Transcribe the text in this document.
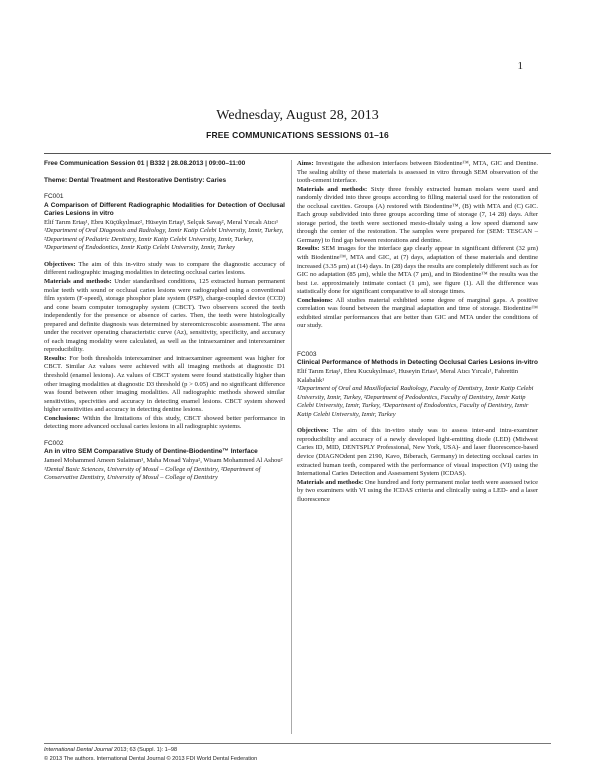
1
Wednesday, August 28, 2013
FREE COMMUNICATIONS SESSIONS 01–16

Free Communication Session 01 | B332 | 28.08.2013 | 09:00–11:00

Theme: Dental Treatment and Restorative Dentistry: Caries

FC001

A Comparison of Different Radiographic Modalities for Detection of Occlusal Caries Lesions in vitro

Elif Tarım Ertaş¹, Ebru Küçükyılmaz², Hüseyin Ertaş³, Selçuk Savaş², Meral Yırcalı Atıcı¹

¹Department of Oral Diagnosis and Radiology, Izmir Katip Celebi University, Izmir, Turkey, ²Department of Pediatric Dentistry, Izmir Katip Celebi University, Izmir, Turkey, ³Department of Endodontics, Izmir Katip Celebi University, Izmir, Turkey

Objectives: The aim of this in-vitro study was to compare the diagnostic accuracy of different radiographic imaging modalities in detecting occlusal caries lesions.

Materials and methods: Under standardised conditions, 125 extracted human permanent molar teeth with sound or occlusal caries lesions were radiographed using a conventional film system (F-speed), storage phosphor plate system (PSP), charge-coupled device (CCD) and cone beam computer tomography system (CBCT). Two observers scored the teeth independently for the presence or absence of caries. Then, the teeth were histologically prepared and definite diagnosis was determined by stereomicroscobic assessment. The area under the receiver operating characteristic curve (Az), sensitivity, specificity, and accuracy of each imaging modality were calculated, as well as the intraexaminer and interexaminer reproducibility.

Results: For both thresholds interexaminer and intraexaminer agreement was higher for CBCT. Similar Az values were achieved with all imaging methods at diagnostic D1 threshold (enamel lesions). Az values of CBCT system were found statistically higher than other imaging modalities at diagnostic D3 threshold (p > 0.05) and no significant difference was found between other imaging modalities. All radiographic methods showed similar sensitivities, specivities and accuracy in detecting enamel lesions. CBCT system showed higher sensitivities and accuracy in detecting dentine lesions.

Conclusions: Within the limitations of this study, CBCT showed better performance in detecting more advanced occlusal caries lesions in all radiographic systems.

FC002

An in vitro SEM Comparative Study of Dentine-Biodentine™ Interface

Jameel Mohammed Ameen Sulaiman¹, Maha Mosad Yahya², Wisam Mohammed Al Ashou²

¹Dental Basic Sciences, University of Mosul – College of Dentistry, ²Department of Conservative Dentistry, University of Mosul – College of Dentistry

Aims: Investigate the adhesion interfaces between Biodentine™, MTA, GIC and Dentine. The sealing ability of these materials is assessed in vitro through SEM observation of the tooth-cement interface.

Materials and methods: Sixty three freshly extracted human molars were used and randomly divided into three groups according to filling material used for the restoration of the occlusal cavities. Groups (A) restored with Biodentine™, (B) with MTA and (C) GIC. Each group subdivided into three groups according time of storage (7, 14 28) days. After storage period, the teeth were sectioned mesio-distaly using a low speed diamond saw through the center of the restoration. The samples were prepared for (SEM: TESCAN – Germany) to find gap between restorations and dentine.

Results: SEM images for the interface gap clearly appear in significant different (32 μm) with Biodentine™, MTA and GIC, at (7) days, adaptation of these materials and dentine increased (3.35 μm) at (14) days. In (28) days the results are completely different such as for GIC no adaptation (85 μm), while the MTA (7 μm), and in Biodentine™ the results was the best i.e. approximately intimate contact (1 μm), see figure (1). All the difference was statistically done for significant comparative to all storage times.

Conclusions: All studies material exhibited some degree of marginal gaps. A positive correlation was found between the marginal adaptation and time of storage. Biodentine™ exhibited similar performances that are better than GIC and MTA under the conditions of our study.

FC003

Clinical Performance of Methods in Detecting Occlusal Caries Lesions in-vitro

Elif Tarım Ertaş¹, Ebru Kucukyılmaz², Huseyin Ertas³, Meral Atıcı Yırcalı¹, Fahrettin Kalabalık¹

¹Department of Oral and Maxillofacial Radiology, Faculty of Dentistry, Izmir Katip Celebi University, Izmir, Turkey, ²Department of Pedodontics, Faculty of Dentistry, Izmir Katip Celebi University, Izmir, Turkey, ³Department of Endodontics, Faculty of Dentistry, Izmir Katip Celebi University, Izmir, Turkey

Objectives: The aim of this in-vitro study was to assess inter-and intra-examiner reproducibility and accuracy of a newly developed light-emitting diode (LED) (Midwest Caries ID, MID, DENTSPLY Professional, New York, USA)- and laser fluorescence-based device (DIAGNOdent pen 2190, Kavo, Biberach, Germany) in detecting occlusal caries in extracted human teeth, compared with the performance of visual inspection (VI) using the International Caries Detection and Assessment System (ICDAS).

Materials and methods: One hundred and forty permanent molar teeth were assessed twice by two examiners with VI using the ICDAS criteria and clinically using a LED- and a laser fluorescence

International Dental Journal 2013; 63 (Suppl. 1): 1–98
© 2013 The authors. International Dental Journal © 2013 FDI World Dental Federation
